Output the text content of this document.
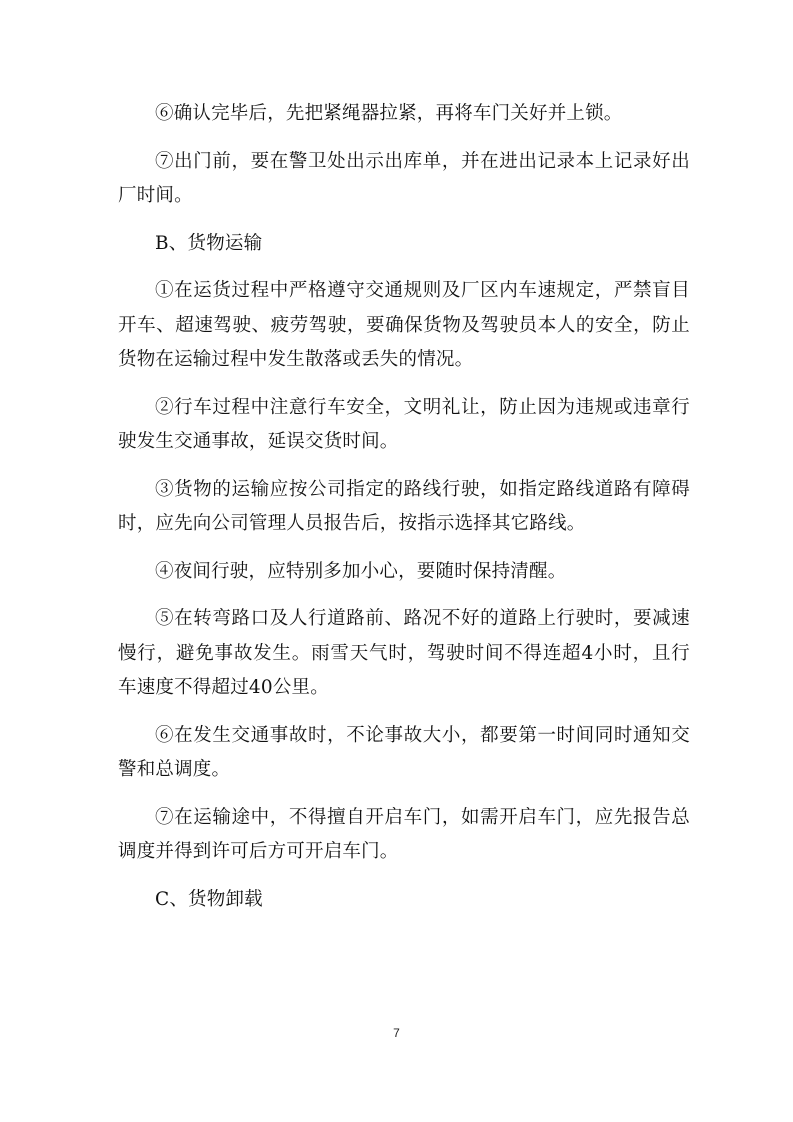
⑥确认完毕后，先把紧绳器拉紧，再将车门关好并上锁。

⑦出门前，要在警卫处出示出库单，并在进出记录本上记录好出厂时间。

B、货物运输

①在运货过程中严格遵守交通规则及厂区内车速规定，严禁盲目开车、超速驾驶、疲劳驾驶，要确保货物及驾驶员本人的安全，防止货物在运输过程中发生散落或丢失的情况。

②行车过程中注意行车安全，文明礼让，防止因为违规或违章行驶发生交通事故，延误交货时间。

③货物的运输应按公司指定的路线行驶，如指定路线道路有障碍时，应先向公司管理人员报告后，按指示选择其它路线。

④夜间行驶，应特别多加小心，要随时保持清醒。

⑤在转弯路口及人行道路前、路况不好的道路上行驶时，要减速慢行，避免事故发生。雨雪天气时，驾驶时间不得连超4小时，且行车速度不得超过40公里。

⑥在发生交通事故时，不论事故大小，都要第一时间同时通知交警和总调度。

⑦在运输途中，不得擅自开启车门，如需开启车门，应先报告总调度并得到许可后方可开启车门。

C、货物卸载

7
